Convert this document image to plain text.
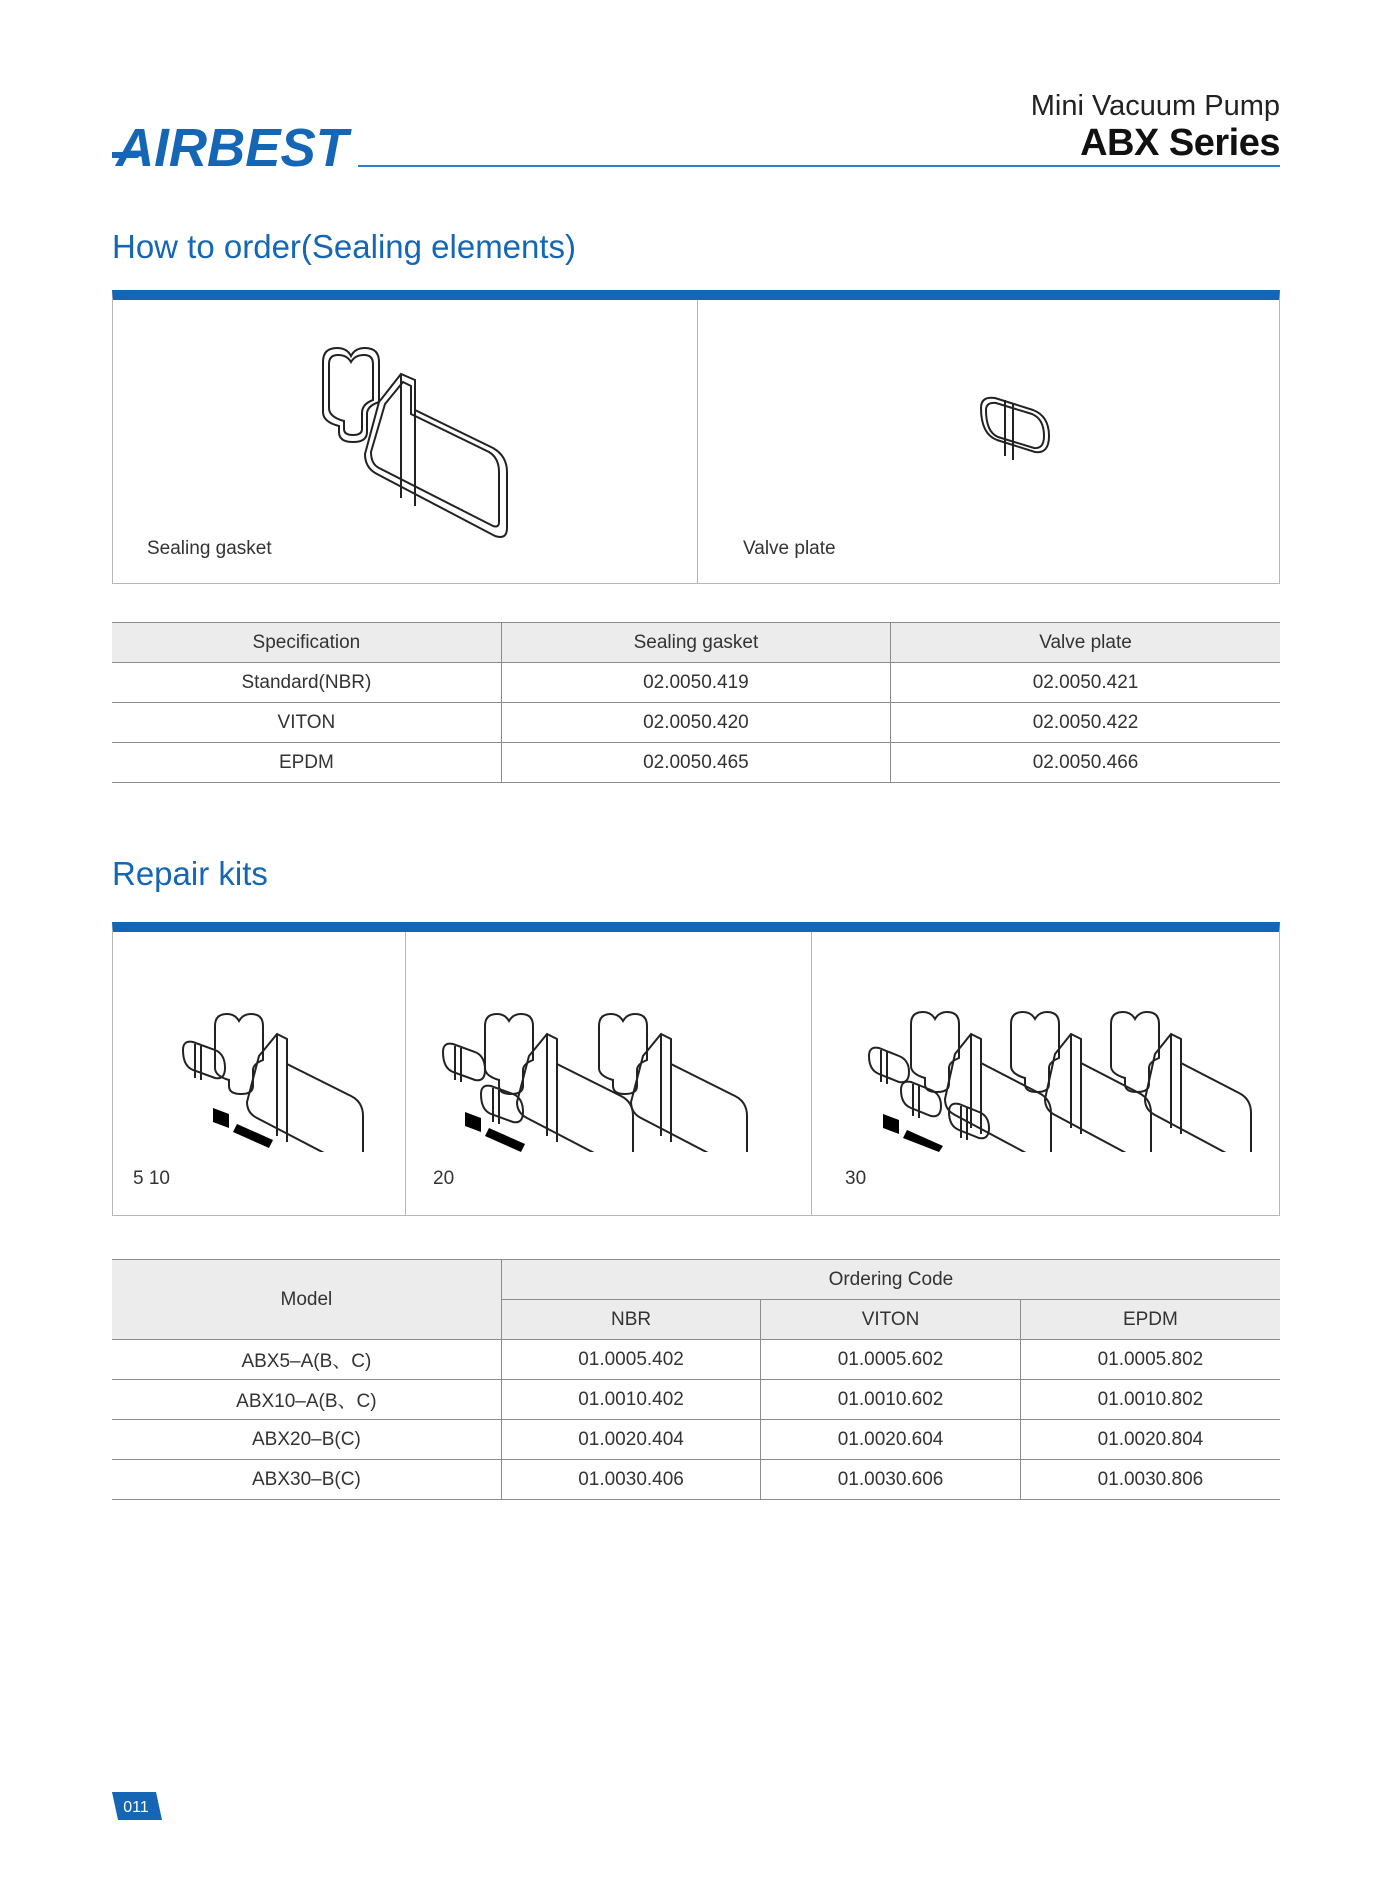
AIRBEST
Mini Vacuum Pump
ABX Series
How to order(Sealing elements)
Sealing gasket	Valve plate
Specification	Sealing gasket	Valve plate
Standard(NBR)	02.0050.419	02.0050.421
VITON	02.0050.420	02.0050.422
EPDM	02.0050.465	02.0050.466
Repair kits
5 10	20	30
Model	Ordering Code		
	NBR	VITON	EPDM
ABX5–A(B、C)	01.0005.402	01.0005.602	01.0005.802
ABX10–A(B、C)	01.0010.402	01.0010.602	01.0010.802
ABX20–B(C)	01.0020.404	01.0020.604	01.0020.804
ABX30–B(C)	01.0030.406	01.0030.606	01.0030.806
011
